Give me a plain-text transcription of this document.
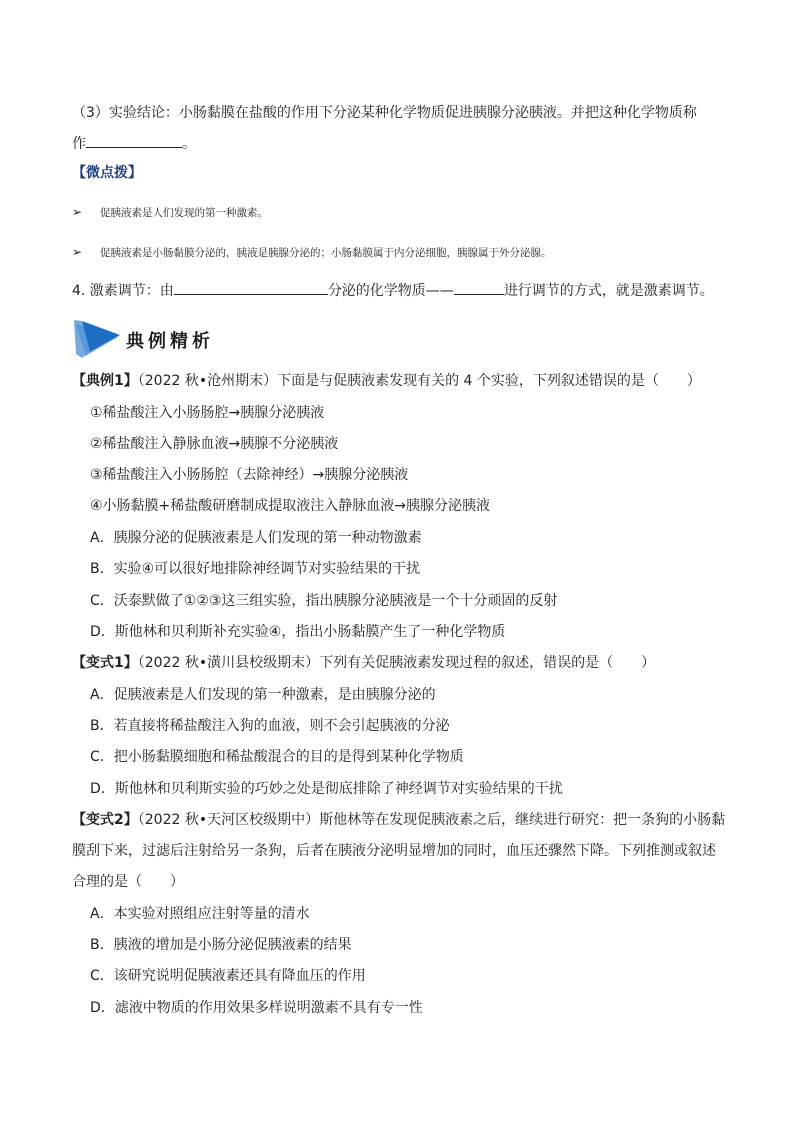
（3）实验结论：小肠黏膜在盐酸的作用下分泌某种化学物质促进胰腺分泌胰液。并把这种化学物质称
作	。
【微点拨】
➢ 促胰液素是人们发现的第一种激素。
➢ 促胰液素是小肠黏膜分泌的，胰液是胰腺分泌的；小肠黏膜属于内分泌细胞，胰腺属于外分泌腺。
4. 激素调节：由	分泌的化学物质——	进行调节的方式，就是激素调节。
典例精析
【典例1】（2022 秋•沧州期末）下面是与促胰液素发现有关的 4 个实验，下列叙述错误的是（　　）
①稀盐酸注入小肠肠腔→胰腺分泌胰液
②稀盐酸注入静脉血液→胰腺不分泌胰液
③稀盐酸注入小肠肠腔（去除神经）→胰腺分泌胰液
④小肠黏膜+稀盐酸研磨制成提取液注入静脉血液→胰腺分泌胰液
A．胰腺分泌的促胰液素是人们发现的第一种动物激素
B．实验④可以很好地排除神经调节对实验结果的干扰
C．沃泰默做了①②③这三组实验，指出胰腺分泌胰液是一个十分顽固的反射
D．斯他林和贝利斯补充实验④，指出小肠黏膜产生了一种化学物质
【变式1】（2022 秋•潢川县校级期末）下列有关促胰液素发现过程的叙述，错误的是（　　）
A．促胰液素是人们发现的第一种激素，是由胰腺分泌的
B．若直接将稀盐酸注入狗的血液，则不会引起胰液的分泌
C．把小肠黏膜细胞和稀盐酸混合的目的是得到某种化学物质
D．斯他林和贝利斯实验的巧妙之处是彻底排除了神经调节对实验结果的干扰
【变式2】（2022 秋•天河区校级期中）斯他林等在发现促胰液素之后，继续进行研究：把一条狗的小肠黏
膜刮下来，过滤后注射给另一条狗，后者在胰液分泌明显增加的同时，血压还骤然下降。下列推测或叙述
合理的是（　　）
A．本实验对照组应注射等量的清水
B．胰液的增加是小肠分泌促胰液素的结果
C．该研究说明促胰液素还具有降血压的作用
D．滤液中物质的作用效果多样说明激素不具有专一性
